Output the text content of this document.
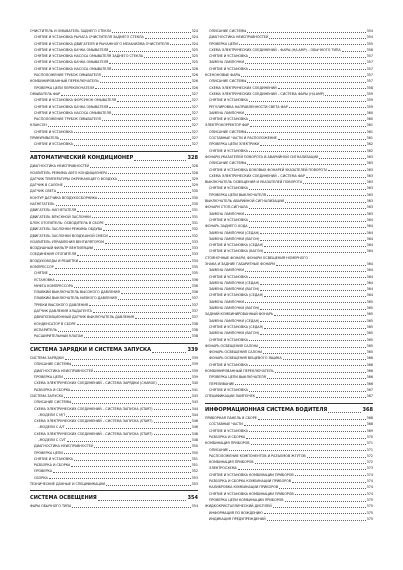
ОЧИСТИТЕЛЬ И ОМЫВАТЕЛЬ ЗАДНЕГО СТЕКЛА	324
СНЯТИЕ И УСТАНОВКА РЫЧАГА ОЧИСТИТЕЛЯ ЗАДНЕГО СТЕКЛА	324
СНЯТИЕ И УСТАНОВКА ДВИГАТЕЛЯ И РЫЧАЖНОГО МЕХАНИЗМА ОЧИСТИТЕЛЯ	324
СНЯТИЕ И УСТАНОВКА БАЧКА ОМЫВАТЕЛЯ	325
СНЯТИЕ И УСТАНОВКА НАСОСА ОМЫВАТЕЛЯ ЗАДНЕГО СТЕКЛА	325
СНЯТИЕ И УСТАНОВКА БАЧКА ОМЫВАТЕЛЯ	325
СНЯТИЕ И УСТАНОВКА НАСОСА ОМЫВАТЕЛЯ	326
РАСПОЛОЖЕНИЕ ТРУБОК ОМЫВАТЕЛЯ	326
КОМБИНИРОВАННЫЙ ПЕРЕКЛЮЧАТЕЛЬ	326
ПРОВЕРКА ЦЕПИ ПЕРЕКЛЮЧАТЕЛЯ	326
ОМЫВАТЕЛЬ ФАР	327
СНЯТИЕ И УСТАНОВКА ФОРСУНОК ОМЫВАТЕЛЯ	327
СНЯТИЕ И УСТАНОВКА БАЧКА ОМЫВАТЕЛЯ	327
СНЯТИЕ И УСТАНОВКА НАСОСА ОМЫВАТЕЛЯ	327
РАСПОЛОЖЕНИЕ ТРУБОК ОМЫВАТЕЛЯ	327
КЛАКСОН	327
СНЯТИЕ И УСТАНОВКА	327
ПРИКУРИВАТЕЛЬ	327
СНЯТИЕ И УСТАНОВКА	327
АВТОМАТИЧЕСКИЙ КОНДИЦИОНЕР	328
ДИАГНОСТИКА НЕИСПРАВНОСТЕЙ	328
УСИЛИТЕЛЬ РЕЖИМА АВТО КОНДИЦИОНЕРА	328
ДАТЧИК ТЕМПЕРАТУРЫ ОКРУЖАЮЩЕГО ВОЗДУХА	329
ДАТЧИК В САЛОНЕ	329
ДАТЧИК СВЕТА	330
КОНТУР ДАТЧИКА ВОЗДУХОСБОРНИКА	330
НАГНЕТАТЕЛЬ	330
ДВИГАТЕЛЬ НАГНЕТАТЕЛЯ	331
ДВИГАТЕЛЬ ВПУСКНОЙ ЗАСЛОНКИ	331
БЛОК ОТОПИТЕЛЬ: ОСВОДИТЕЛЬ В СБОРЕ	331
ДВИГАТЕЛЬ ЗАСЛОНКИ РЕЖИМА ОБДУВА	332
ДВИГАТЕЛЬ ЗАСЛОНКИ ВОЗДУШНОЙ СМЕСИ	332
УСИЛИТЕЛЬ УПРАВЛЕНИЯ ВЕНТИЛЯТОРОМ	333
ВОЗДУШНЫЙ ФИЛЬТР ВЕНТИЛЯЦИИ	333
СОЕДИНЕНИЯ ОТОПИТЕЛЯ	333
ВОЗДУХОВОДЫ И РЕШЕТКИ	334
КОМПРЕССОР	335
СНЯТИЕ	335
УСТАНОВКА	336
МУФТА КОМПРЕССОРА	336
ПЛАВКИЙ ВЫКЛЮЧАТЕЛЬ ВЫСОКОГО ДАВЛЕНИЯ	336
ПЛАВКИЙ ВЫКЛЮЧАТЕЛЬ НИЗКОГО ДАВЛЕНИЯ	337
ТРУБКИ ВЫСОКОГО ДАВЛЕНИЯ	337
ДАТЧИК ДАВЛЕНИЯ ХЛАДАГЕНТА	337
ДВУХПОЗИЦИОННЫЙ ДАТЧИК ВЫКЛЮЧАТЕЛЬ ДАВЛЕНИЯ	337
КОНДЕНСАТОР В СБОРЕ	338
ИСПАРИТЕЛЬ	338
РАСШИРИТЕЛЬНЫЙ КЛАПАН	338
СИСТЕМА ЗАРЯДКИ И СИСТЕМА ЗАПУСКА	339
СИСТЕМА ЗАРЯДКИ	339
ОПИСАНИЕ СИСТЕМЫ	339
ДИАГНОСТИКА НЕИСПРАВНОСТЕЙ	339
ПРОВЕРКА ЦЕПИ	339
СХЕМА ЭЛЕКТРИЧЕСКИХ СОЕДИНЕНИЙ – СИСТЕМА ЗАРЯДКИ (CHARGE)	340
РАЗБОРКА И СБОРКА	341
СИСТЕМА ЗАПУСКА	343
ОПИСАНИЕ СИСТЕМЫ	343
СХЕМА ЭЛЕКТРИЧЕСКИХ СОЕДИНЕНИЙ – СИСТЕМА ЗАПУСКА (START)	344
–МОДЕЛИ С M/T	344
СХЕМА ЭЛЕКТРИЧЕСКИХ СОЕДИНЕНИЙ – СИСТЕМА ЗАПУСКА (START)	346
–МОДЕЛИ С A/T	346
СХЕМА ЭЛЕКТРИЧЕСКИХ СОЕДИНЕНИЙ – СИСТЕМА ЗАПУСКА (START)	348
–МОДЕЛИ С CVT	348
ДИАГНОСТИКА НЕИСПРАВНОСТЕЙ	350
ПРОВЕРКА ЦЕПИ	350
СНЯТИЕ И УСТАНОВКА	351
РАЗБОРКА И СБОРКА	351
ПРОВЕРКА	352
СБОРКА	353
ТЕХНИЧЕСКИЕ ДАННЫЕ И СПЕЦИФИКАЦИИ	353
СИСТЕМА ОСВЕЩЕНИЯ	354
ФАРЫ ОБЫЧНОГО ТИПА	354
ОПИСАНИЕ СИСТЕМЫ	354
ДИАГНОСТИКА НЕИСПРАВНОСТЕЙ	354
ПРОВЕРКА ЦЕПИ	355
СХЕМА ЭЛЕКТРИЧЕСКИХ СОЕДИНЕНИЙ – ФАРЫ (H/LAMP) – ОБЫЧНОГО ТИПА	356
СНЯТИЕ И УСТАНОВКА	357
ЗАМЕНА ЛАМПОЧКИ	357
СНЯТИЕ И УСТАНОВКА	357
КСЕНОНОВЫЕ ФАРЫ	357
ОПИСАНИЕ СИСТЕМЫ	357
СХЕМА ЭЛЕКТРИЧЕСКИХ СОЕДИНЕНИЙ	358
СХЕМА ЭЛЕКТРИЧЕСКИХ СОЕДИНЕНИЙ – СИСТЕМА ФАРЫ (H/LAMP)	359
СНЯТИЕ И УСТАНОВКА	359
РЕГУЛИРОВКА НАПРАВЛЕННОСТИ СВЕТА ФАР	359
ЗАМЕНА ЛАМПОЧКИ	360
СНЯТИЕ И УСТАНОВКА	360
ЭЛЕКТРОКОРРЕКТОР ФАР	361
ОПИСАНИЕ СИСТЕМЫ	361
СОСТАВНЫЕ ЧАСТИ И РАСПОЛОЖЕНИЕ	361
ПРОВЕРКА ЦЕПИ ЭЛЕКТРИКИ	362
СНЯТИЕ И УСТАНОВКА	362
ФОНАРИ УКАЗАТЕЛЕЙ ПОВОРОТА И АВАРИЙНОЙ СИГНАЛИЗАЦИИ	363
ОПИСАНИЕ СИСТЕМЫ	363
СНЯТИЕ И УСТАНОВКА БОКОВЫХ ФОНАРЕЙ УКАЗАТЕЛЕЙ ПОВОРОТА	363
СХЕМА ЭЛЕКТРИЧЕСКИХ СОЕДИНЕНИЙ – СИСТЕМА ФАР	363
ВЫКЛЮЧАТЕЛЬ ОСВЕЩЕНИЯ И УКАЗАТЕЛЕЙ ПОВОРОТА	363
СНЯТИЕ И УСТАНОВКА	363
ПРОВЕРКА ЦЕПИ ВЫКЛЮЧАТЕЛЯ	363
ВЫКЛЮЧАТЕЛЬ АВАРИЙНОЙ СИГНАЛИЗАЦИИ	363
ФОНАРИ СТОП-СИГНАЛА	363
ЗАМЕНА ЛАМПОЧКИ	363
СНЯТИЕ И УСТАНОВКА	364
ФОНАРЬ ЗАДНЕГО ХОДА	364
ЗАМЕНА ЛАМПОЧКИ (СЕДАН)	364
ЗАМЕНА ЛАМПОЧКИ (ВАГОН)	364
СНЯТИЕ И УСТАНОВКА (СЕДАН)	364
СНЯТИЕ И УСТАНОВКА (ВАГОН)	364
СТОЯНОЧНЫЕ ФОНАРИ, ФОНАРИ ОСВЕЩЕНИЯ НОМЕРНОГО
ЗНАКА И ЗАДНИЕ ГАБАРИТНЫЕ ФОНАРИ	364
ЗАМЕНА ЛАМПОЧКИ	364
СНЯТИЕ И УСТАНОВКА	364
ЗАМЕНА ЛАМПОЧКИ (СЕДАН)	364
ЗАМЕНА ЛАМПОЧКИ (ВАГОН)	364
СНЯТИЕ И УСТАНОВКА (СЕДАН)	364
ЗАМЕНА ЛАМПОЧКИ	365
ЗАМЕНА ЛАМПОЧКИ (ВАГОН)	365
ЗАДНИЙ КОМБИНИРОВАННЫЙ ФОНАРЬ	365
ЗАМЕНА ЛАМПОЧКИ (СЕДАН)	365
СНЯТИЕ И УСТАНОВКА (СЕДАН)	365
ЗАМЕНА ЛАМПОЧКИ (ВАГОН)	365
СНЯТИЕ И УСТАНОВКА	365
ФОНАРЬ ОСВЕЩЕНИЯ САЛОНА	365
ФОНАРЬ ОСВЕЩЕНИЯ САЛОНА	365
ФОНАРЬ ОСВЕЩЕНИЯ ВЕЩЕВОГО ЯЩИКА	366
СНЯТИЕ И УСТАНОВКА	366
КОМБИНИРОВАННЫЙ ПЕРЕКЛЮЧАТЕЛЬ	366
ПРОВЕРКА ЦЕПИ ВЫКЛЮЧАТЕЛЯ	366
ПЕРЕЛИВАНИЕ	366
СНЯТИЕ И УСТАНОВКА	367
СПЕЦИФИКАЦИИ ЛАМПОЧЕК	367
ИНФОРМАЦИОННАЯ СИСТЕМА ВОДИТЕЛЯ	368
ПРИБОРНАЯ ПАНЕЛЬ В СБОРЕ	368
СОСТАВНЫЕ ЧАСТИ	368
СНЯТИЕ И УСТАНОВКА	369
РАЗБОРКА И СБОРКА	370
КОМБИНАЦИЯ ПРИБОРОВ	371
ОПИСАНИЕ	371
РАСПОЛОЖЕНИЕ КОМПОНЕНТОВ И РАЗЪЕМОВ ЖГУТОВ	372
КОМБИНАЦИЯ ПРИБОРОВ	372
ЭЛЕКТРОСХЕМА	373
СНЯТИЕ И УСТАНОВКА КОМБИНАЦИИ ПРИБОРОВ	374
РАЗБОРКА И СБОРКА КОМБИНАЦИИ ПРИБОРОВ	374
КАЛИБРОВКА КОМБИНАЦИИ ПРИБОРОВ	374
СНЯТИЕ И УСТАНОВКА КОМБИНАЦИИ ПРИБОРОВ	374
ПРОВЕРКА ЦЕПИ КОМБИНАЦИИ ПРИБОРОВ	375
ЖИДКОКРИСТАЛЛИЧЕСКИЙ ДИСПЛЕЙ	375
ИНФОРМАЦИЯ ПО ВОЖДЕНИЮ	375
ИНДИКАЦИЯ ПРЕДУПРЕЖДЕНИЙ	375
